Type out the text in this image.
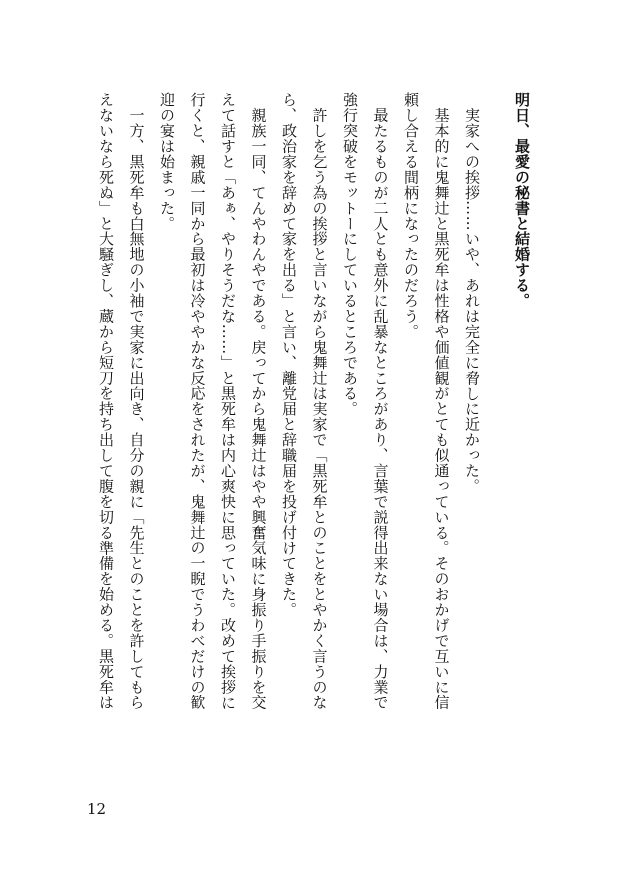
明日、最愛の秘書と結婚する。
　実家への挨拶……いや、あれは完全に脅しに近かった。
　基本的に鬼舞辻と黒死牟は性格や価値観がとても似通っている。そのおかげで互いに信
頼し合える間柄になったのだろう。
　最たるものが二人とも意外に乱暴なところがあり、言葉で説得出来ない場合は、力業で
強行突破をモットーにしているところである。
　許しを乞う為の挨拶と言いながら鬼舞辻は実家で「黒死牟とのことをとやかく言うのな
ら、政治家を辞めて家を出る」と言い、離党届と辞職届を投げ付けてきた。
　親族一同、てんやわんやである。戻ってから鬼舞辻はやや興奮気味に身振り手振りを交
えて話すと「あぁ、やりそうだな……」と黒死牟は内心爽快に思っていた。改めて挨拶に
行くと、親戚一同から最初は冷ややかな反応をされたが、鬼舞辻の一睨でうわべだけの歓
迎の宴は始まった。
　一方、黒死牟も白無地の小袖で実家に出向き、自分の親に「先生とのことを許してもら
えないなら死ぬ」と大騒ぎし、蔵から短刀を持ち出して腹を切る準備を始める。黒死牟は
12
